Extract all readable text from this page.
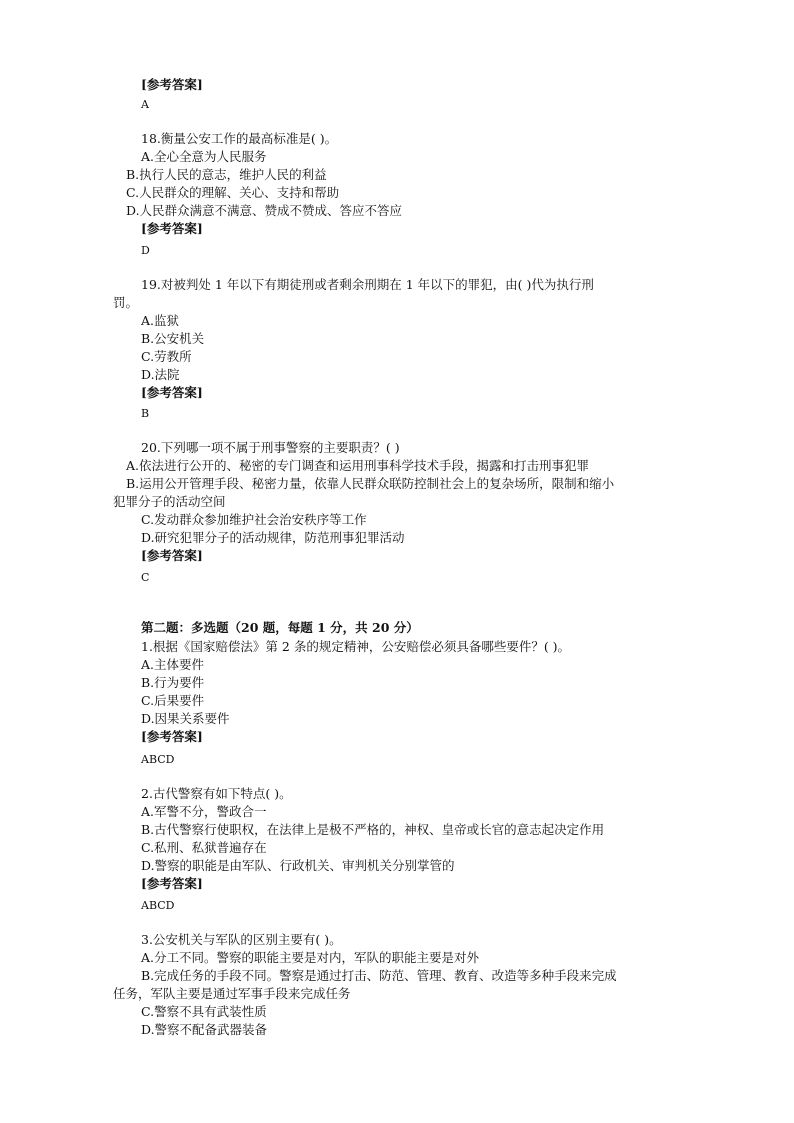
[参考答案]
A
18.衡量公安工作的最高标准是( )。
A.全心全意为人民服务
B.执行人民的意志，维护人民的利益
C.人民群众的理解、关心、支持和帮助
D.人民群众满意不满意、赞成不赞成、答应不答应
[参考答案]
D
19.对被判处 1 年以下有期徒刑或者剩余刑期在 1 年以下的罪犯，由( )代为执行刑
罚。
A.监狱
B.公安机关
C.劳教所
D.法院
[参考答案]
B
20.下列哪一项不属于刑事警察的主要职责？( )
A.依法进行公开的、秘密的专门调查和运用刑事科学技术手段，揭露和打击刑事犯罪
B.运用公开管理手段、秘密力量，依靠人民群众联防控制社会上的复杂场所，限制和缩小
犯罪分子的活动空间
C.发动群众参加维护社会治安秩序等工作
D.研究犯罪分子的活动规律，防范刑事犯罪活动
[参考答案]
C
第二题：多选题（20 题，每题 1 分，共 20 分）
1.根据《国家赔偿法》第 2 条的规定精神，公安赔偿必须具备哪些要件？( )。
A.主体要件
B.行为要件
C.后果要件
D.因果关系要件
[参考答案]
ABCD
2.古代警察有如下特点( )。
A.军警不分，警政合一
B.古代警察行使职权，在法律上是极不严格的，神权、皇帝或长官的意志起决定作用
C.私刑、私狱普遍存在
D.警察的职能是由军队、行政机关、审判机关分别掌管的
[参考答案]
ABCD
3.公安机关与军队的区别主要有( )。
A.分工不同。警察的职能主要是对内，军队的职能主要是对外
B.完成任务的手段不同。警察是通过打击、防范、管理、教育、改造等多种手段来完成
任务，军队主要是通过军事手段来完成任务
C.警察不具有武装性质
D.警察不配备武器装备
